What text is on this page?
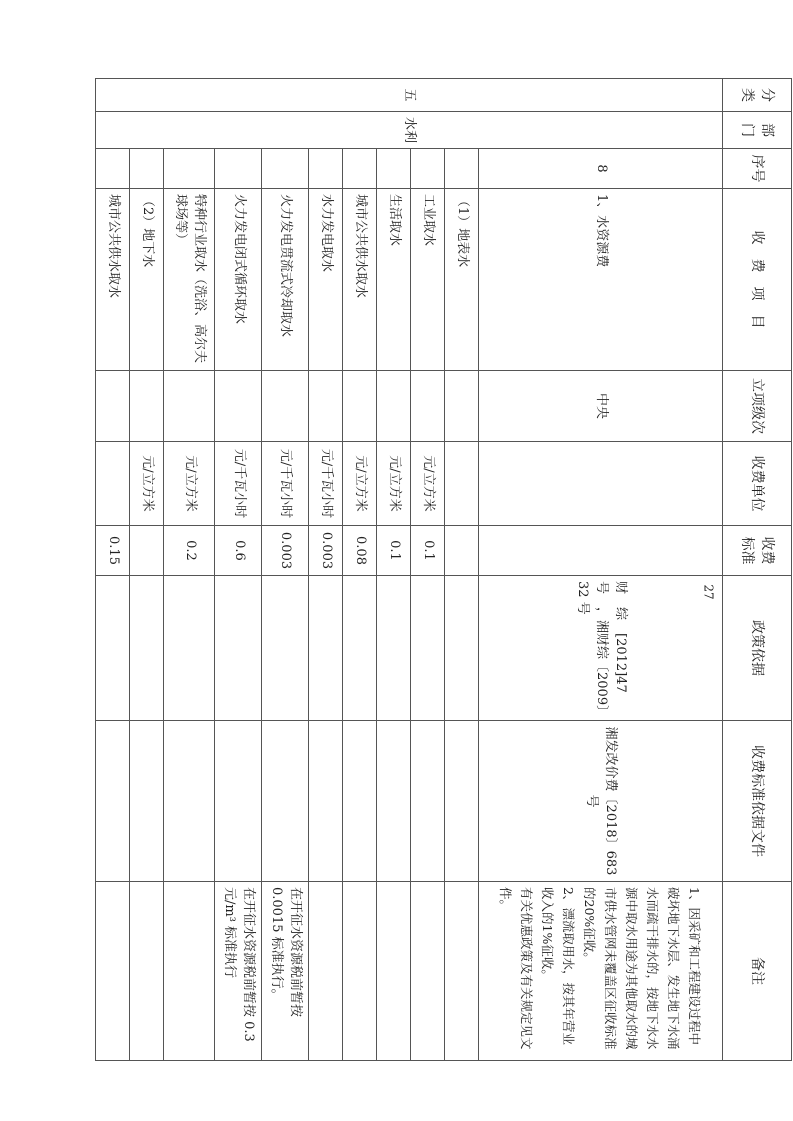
分类	部门	序号	收　费　项　目	立项级次	收费单位	收费标准	政策依据	收费标准依据文件	备注
五	水利	8	1、水资源费	中央			财　综　[2012]47　号　，湘财综〔2009〕32 号	湘发改价费〔2018〕683 号	1、因采矿和工程建设过程中破坏地下水层、发生地下水涌水而疏干排水的，按地下水水源中取水用途为其他取水的城市供水管网未覆盖区征收标准的20%征收。
2、漂流取用水，按其年营业收入的1%征收。
有关优惠政策及有关规定见文件。

			（1）地表水						
			工业取水		元/立方米	0.1			
			生活取水		元/立方米	0.1			
			城市公共供水取水		元/立方米	0.08			
			水力发电取水		元/千瓦小时	0.003			
			火力发电贯流式冷却取水		元/千瓦小时	0.003			在开征水资源税前暂按 0.0015 标准执行。
			火力发电闭式循环取水		元/千瓦小时	0.6			在开征水资源税前暂按 0.3 元/m³ 标准执行
			特种行业取水（洗浴、高尔夫球场等）		元/立方米	0.2			
			（2）地下水		元/立方米				
			城市公共供水取水			0.15			
27
